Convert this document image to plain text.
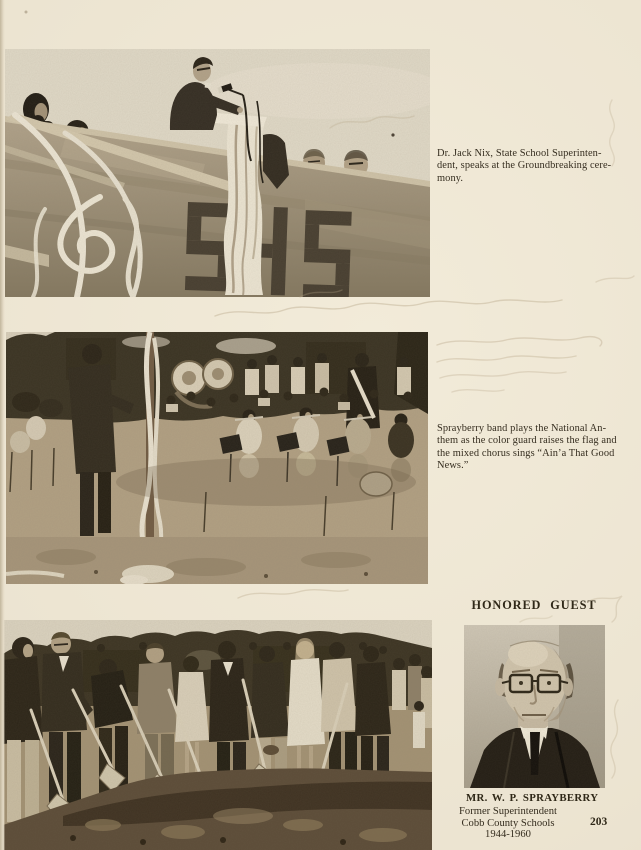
Dr. Jack Nix, State School Superinten-
dent, speaks at the Groundbreaking cere-
mony.
Sprayberry band plays the National An-
them as the color guard raises the flag and
the mixed chorus sings “Ain’a That Good
News.”
HONORED GUEST
MR. W. P. SPRAYBERRY
Former Superintendent
Cobb County Schools
1944-1960
203
